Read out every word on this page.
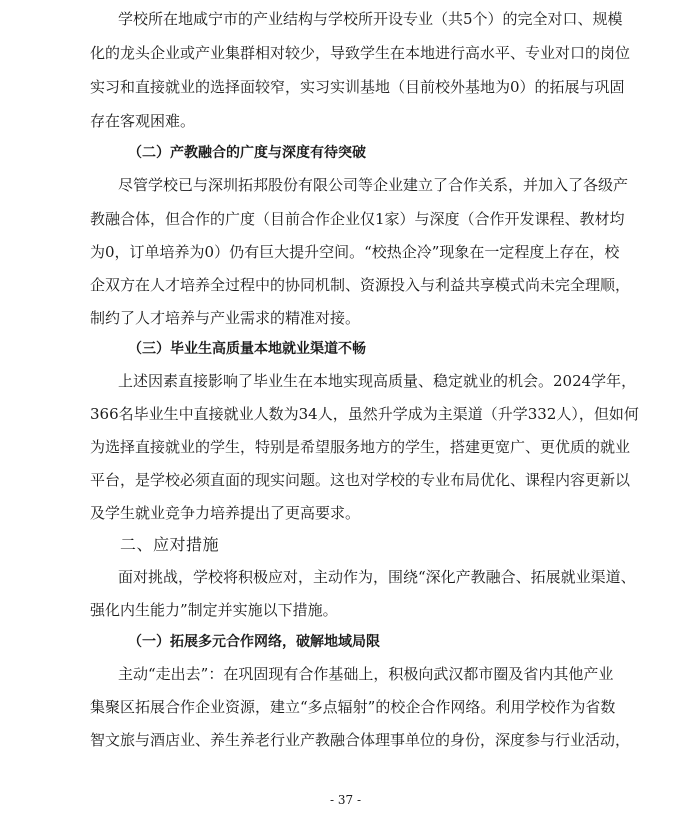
学校所在地咸宁市的产业结构与学校所开设专业（共5个）的完全对口、规模
化的龙头企业或产业集群相对较少，导致学生在本地进行高水平、专业对口的岗位
实习和直接就业的选择面较窄，实习实训基地（目前校外基地为0）的拓展与巩固
存在客观困难。
（二）产教融合的广度与深度有待突破
尽管学校已与深圳拓邦股份有限公司等企业建立了合作关系，并加入了各级产
教融合体，但合作的广度（目前合作企业仅1家）与深度（合作开发课程、教材均
为0，订单培养为0）仍有巨大提升空间。“校热企冷”现象在一定程度上存在，校
企双方在人才培养全过程中的协同机制、资源投入与利益共享模式尚未完全理顺，
制约了人才培养与产业需求的精准对接。
（三）毕业生高质量本地就业渠道不畅
上述因素直接影响了毕业生在本地实现高质量、稳定就业的机会。2024学年，
366名毕业生中直接就业人数为34人，虽然升学成为主渠道（升学332人），但如何
为选择直接就业的学生，特别是希望服务地方的学生，搭建更宽广、更优质的就业
平台，是学校必须直面的现实问题。这也对学校的专业布局优化、课程内容更新以
及学生就业竞争力培养提出了更高要求。
二、应对措施
面对挑战，学校将积极应对，主动作为，围绕“深化产教融合、拓展就业渠道、
强化内生能力”制定并实施以下措施。
（一）拓展多元合作网络，破解地域局限
主动“走出去”：在巩固现有合作基础上，积极向武汉都市圈及省内其他产业
集聚区拓展合作企业资源，建立“多点辐射”的校企合作网络。利用学校作为省数
智文旅与酒店业、养生养老行业产教融合体理事单位的身份，深度参与行业活动，
- 37 -
